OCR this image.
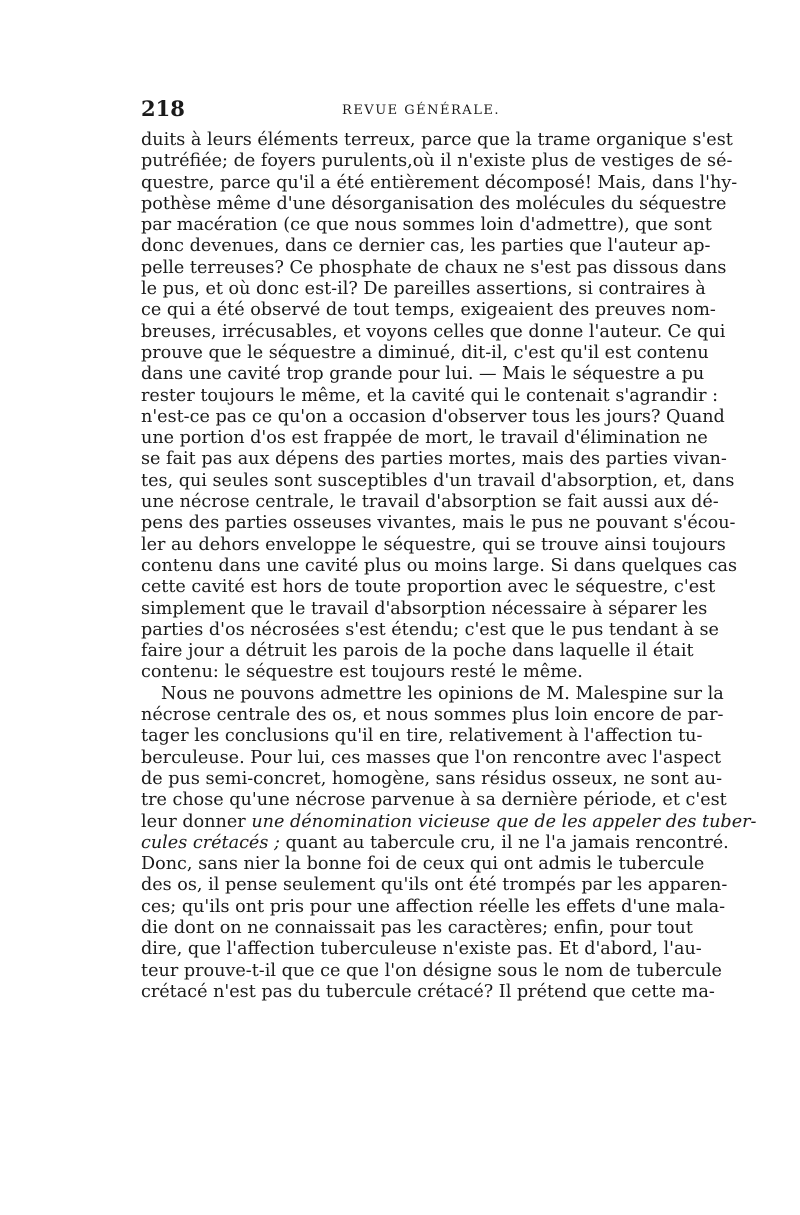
218	REVUE GÉNÉRALE.
duits à leurs éléments terreux, parce que la trame organique s'est
putréfiée; de foyers purulents,où il n'existe plus de vestiges de sé-
questre, parce qu'il a été entièrement décomposé! Mais, dans l'hy-
pothèse même d'une désorganisation des molécules du séquestre
par macération (ce que nous sommes loin d'admettre), que sont
donc devenues, dans ce dernier cas, les parties que l'auteur ap-
pelle terreuses? Ce phosphate de chaux ne s'est pas dissous dans
le pus, et où donc est-il? De pareilles assertions, si contraires à
ce qui a été observé de tout temps, exigeaient des preuves nom-
breuses, irrécusables, et voyons celles que donne l'auteur. Ce qui
prouve que le séquestre a diminué, dit-il, c'est qu'il est contenu
dans une cavité trop grande pour lui. — Mais le séquestre a pu
rester toujours le même, et la cavité qui le contenait s'agrandir :
n'est-ce pas ce qu'on a occasion d'observer tous les jours? Quand
une portion d'os est frappée de mort, le travail d'élimination ne
se fait pas aux dépens des parties mortes, mais des parties vivan-
tes, qui seules sont susceptibles d'un travail d'absorption, et, dans
une nécrose centrale, le travail d'absorption se fait aussi aux dé-
pens des parties osseuses vivantes, mais le pus ne pouvant s'écou-
ler au dehors enveloppe le séquestre, qui se trouve ainsi toujours
contenu dans une cavité plus ou moins large. Si dans quelques cas
cette cavité est hors de toute proportion avec le séquestre, c'est
simplement que le travail d'absorption nécessaire à séparer les
parties d'os nécrosées s'est étendu; c'est que le pus tendant à se
faire jour a détruit les parois de la poche dans laquelle il était
contenu: le séquestre est toujours resté le même.
Nous ne pouvons admettre les opinions de M. Malespine sur la
nécrose centrale des os, et nous sommes plus loin encore de par-
tager les conclusions qu'il en tire, relativement à l'affection tu-
berculeuse. Pour lui, ces masses que l'on rencontre avec l'aspect
de pus semi-concret, homogène, sans résidus osseux, ne sont au-
tre chose qu'une nécrose parvenue à sa dernière période, et c'est
leur donner une dénomination vicieuse que de les appeler des tuber-
cules crétacés ; quant au tabercule cru, il ne l'a jamais rencontré.
Donc, sans nier la bonne foi de ceux qui ont admis le tubercule
des os, il pense seulement qu'ils ont été trompés par les apparen-
ces; qu'ils ont pris pour une affection réelle les effets d'une mala-
die dont on ne connaissait pas les caractères; enfin, pour tout
dire, que l'affection tuberculeuse n'existe pas. Et d'abord, l'au-
teur prouve-t-il que ce que l'on désigne sous le nom de tubercule
crétacé n'est pas du tubercule crétacé? Il prétend que cette ma-
